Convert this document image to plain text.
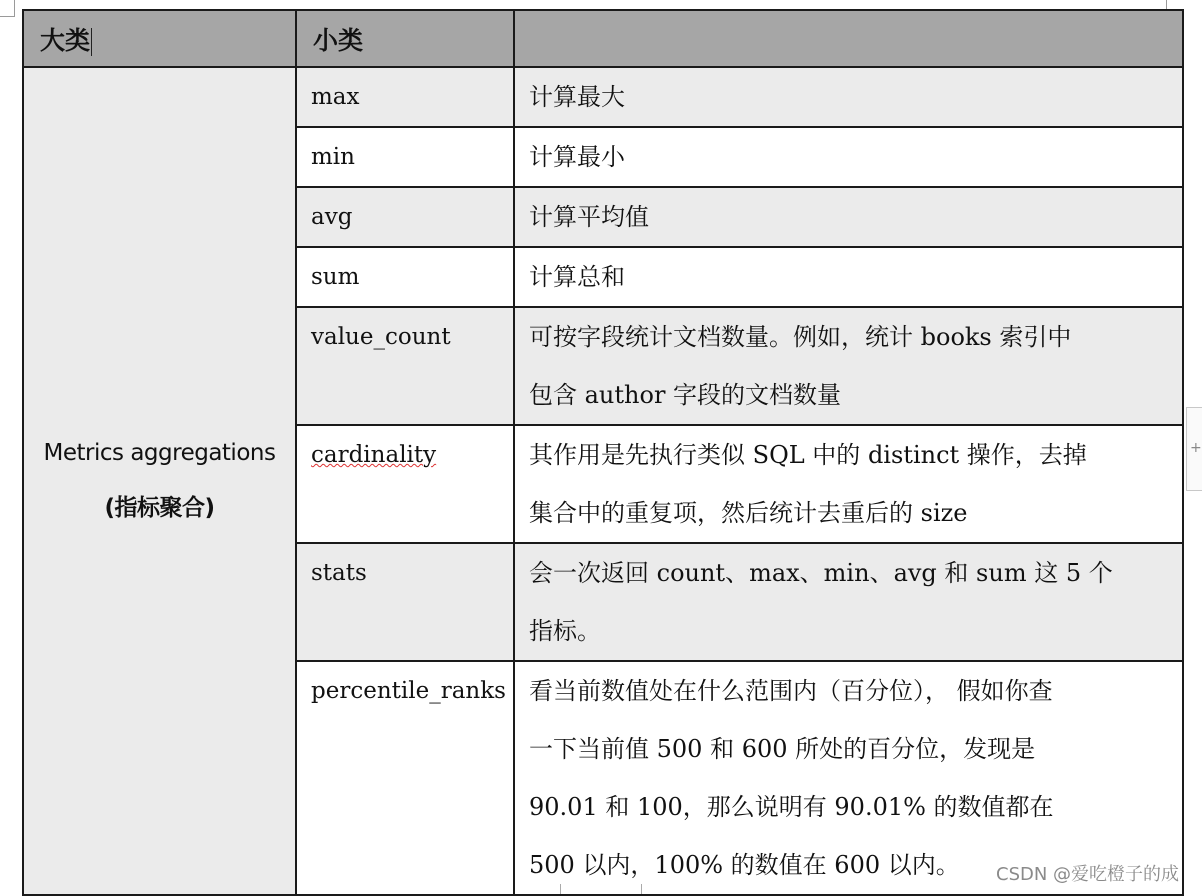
大类	小类	

Metrics aggregations
(指标聚合)	max	计算最大

	min	计算最小

	avg	计算平均值

	sum	计算总和

	value_count	可按字段统计文档数量。例如，统计 books 索引中
包含 author 字段的文档数量

	cardinality	其作用是先执行类似 SQL 中的 distinct 操作，去掉
集合中的重复项，然后统计去重后的 size

	stats	会一次返回 count、max、min、avg 和 sum 这 5 个
指标。

	percentile_ranks	看当前数值处在什么范围内（百分位）， 假如你查
一下当前值 500 和 600 所处的百分位，发现是
90.01 和 100，那么说明有 90.01% 的数值都在
500 以内，100% 的数值在 600 以内。
+
CSDN @爱吃橙子的成
